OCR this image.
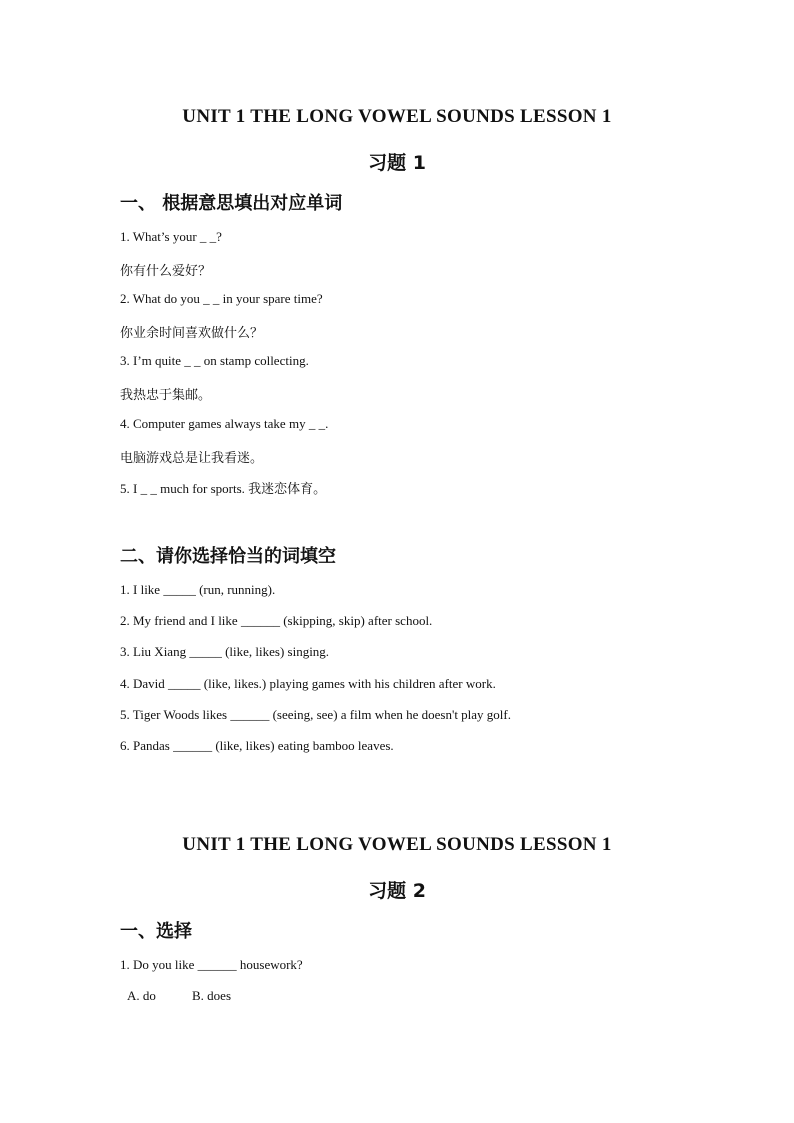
UNIT 1 THE LONG VOWEL SOUNDS LESSON 1
习题 1
一、 根据意思填出对应单词
1. What’s your _ _?
你有什么爱好？
2. What do you _ _ in your spare time?
你业余时间喜欢做什么？
3. I’m quite _ _ on stamp collecting.
我热忠于集邮。
4. Computer games always take my _ _.
电脑游戏总是让我看迷。
5. I _ _ much for sports. 我迷恋体育。
二、请你选择恰当的词填空
1. I like _____ (run, running).
2. My friend and I like ______ (skipping, skip) after school.
3. Liu Xiang _____ (like, likes) singing.
4. David _____ (like, likes.) playing games with his children after work.
5. Tiger Woods likes ______ (seeing, see) a film when he doesn't play golf.
6. Pandas ______ (like, likes) eating bamboo leaves.
UNIT 1 THE LONG VOWEL SOUNDS LESSON 1
习题 2
一、选择
1. Do you like ______ housework?
A. do	B. does
